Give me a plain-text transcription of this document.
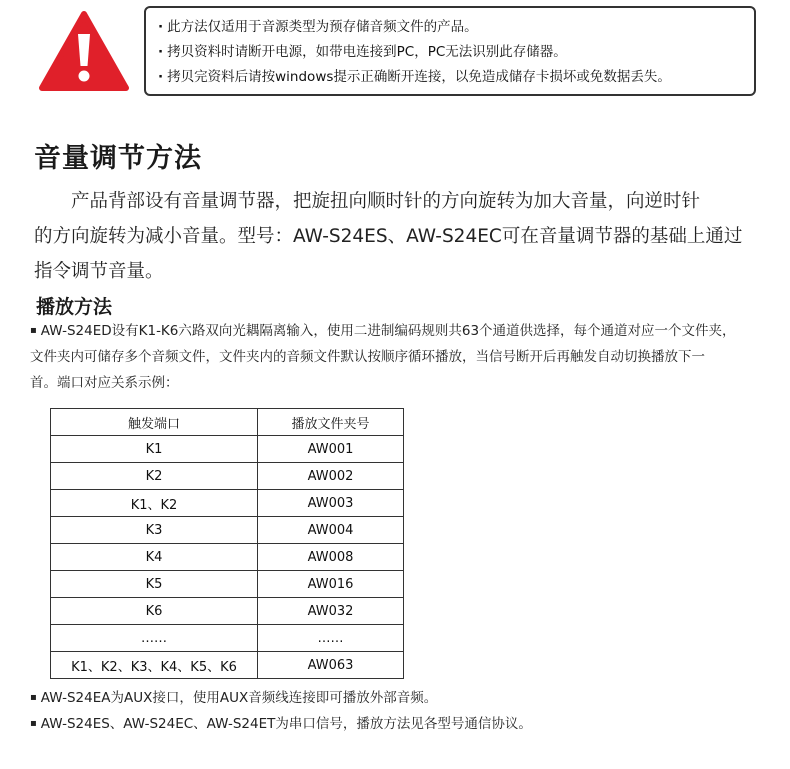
· 此方法仅适用于音源类型为预存储音频文件的产品。
· 拷贝资料时请断开电源，如带电连接到PC，PC无法识别此存储器。
· 拷贝完资料后请按windows提示正确断开连接，以免造成储存卡损坏或免数据丢失。
音量调节方法

　　产品背部设有音量调节器，把旋扭向顺时针的方向旋转为加大音量，向逆时针
的方向旋转为减小音量。型号：AW-S24ES、AW-S24EC可在音量调节器的基础上通过
指令调节音量。

播放方法
▪ AW-S24ED设有K1-K6六路双向光耦隔离输入，使用二进制编码规则共63个通道供选择，每个通道对应一个文件夹，
文件夹内可储存多个音频文件，文件夹内的音频文件默认按顺序循环播放，当信号断开后再触发自动切换播放下一
首。端口对应关系示例：
触发端口	播放文件夹号
K1	AW001
K2	AW002
K1、K2	AW003
K3	AW004
K4	AW008
K5	AW016
K6	AW032
……	……
K1、K2、K3、K4、K5、K6	AW063
▪ AW-S24EA为AUX接口，使用AUX音频线连接即可播放外部音频。
▪ AW-S24ES、AW-S24EC、AW-S24ET为串口信号，播放方法见各型号通信协议。
